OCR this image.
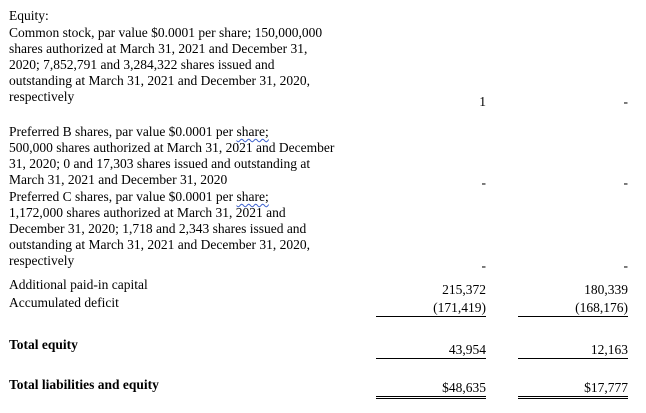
Equity:
Common stock, par value $0.0001 per share; 150,000,000
shares authorized at March 31, 2021 and December 31,
2020; 7,852,791 and 3,284,322 shares issued and
outstanding at March 31, 2021 and December 31, 2020,
respectively	1	-
Preferred B shares, par value $0.0001 per share;
500,000 shares authorized at March 31, 2021 and December
31, 2020; 0 and 17,303 shares issued and outstanding at
March 31, 2021 and December 31, 2020	-	-
Preferred C shares, par value $0.0001 per share;
1,172,000 shares authorized at March 31, 2021 and
December 31, 2020; 1,718 and 2,343 shares issued and
outstanding at March 31, 2021 and December 31, 2020,
respectively	-	-
Additional paid-in capital	215,372	180,339
Accumulated deficit	(171,419)	(168,176)
Total equity	43,954	12,163
Total liabilities and equity	$48,635	$17,777
